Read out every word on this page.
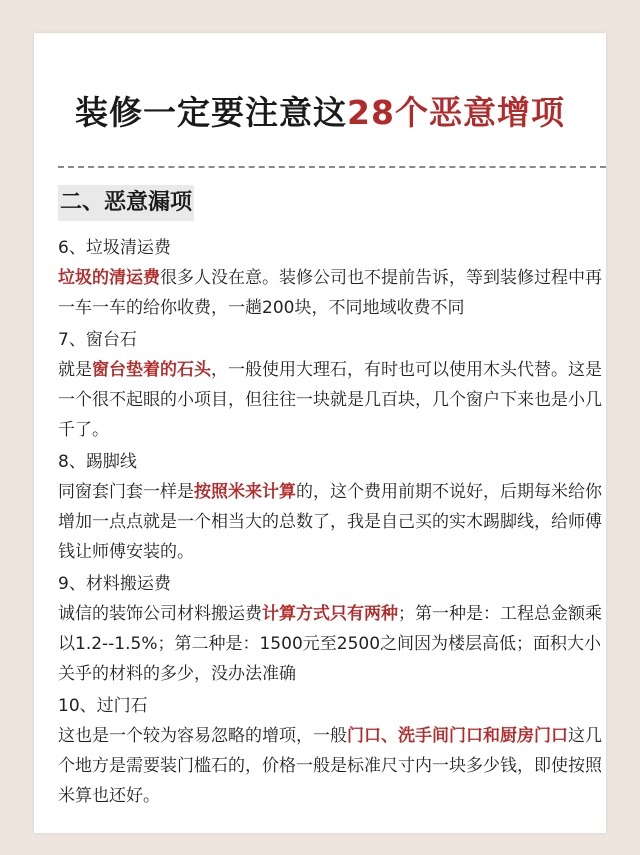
装修一定要注意这28个恶意增项
二、恶意漏项
6、垃圾清运费
垃圾的清运费很多人没在意。装修公司也不提前告诉，等到装修过程中再一车一车的给你收费，一趟200块，不同地域收费不同
7、窗台石
就是窗台垫着的石头，一般使用大理石，有时也可以使用木头代替。这是一个很不起眼的小项目，但往往一块就是几百块，几个窗户下来也是小几千了。
8、踢脚线
同窗套门套一样是按照米来计算的，这个费用前期不说好，后期每米给你增加一点点就是一个相当大的总数了，我是自己买的实木踢脚线，给师傅钱让师傅安装的。
9、材料搬运费
诚信的装饰公司材料搬运费计算方式只有两种；第一种是：工程总金额乘以1.2--1.5%；第二种是：1500元至2500之间因为楼层高低；面积大小关乎的材料的多少，没办法准确
10、过门石
这也是一个较为容易忽略的增项，一般门口、洗手间门口和厨房门口这几个地方是需要装门槛石的，价格一般是标准尺寸内一块多少钱，即使按照米算也还好。
